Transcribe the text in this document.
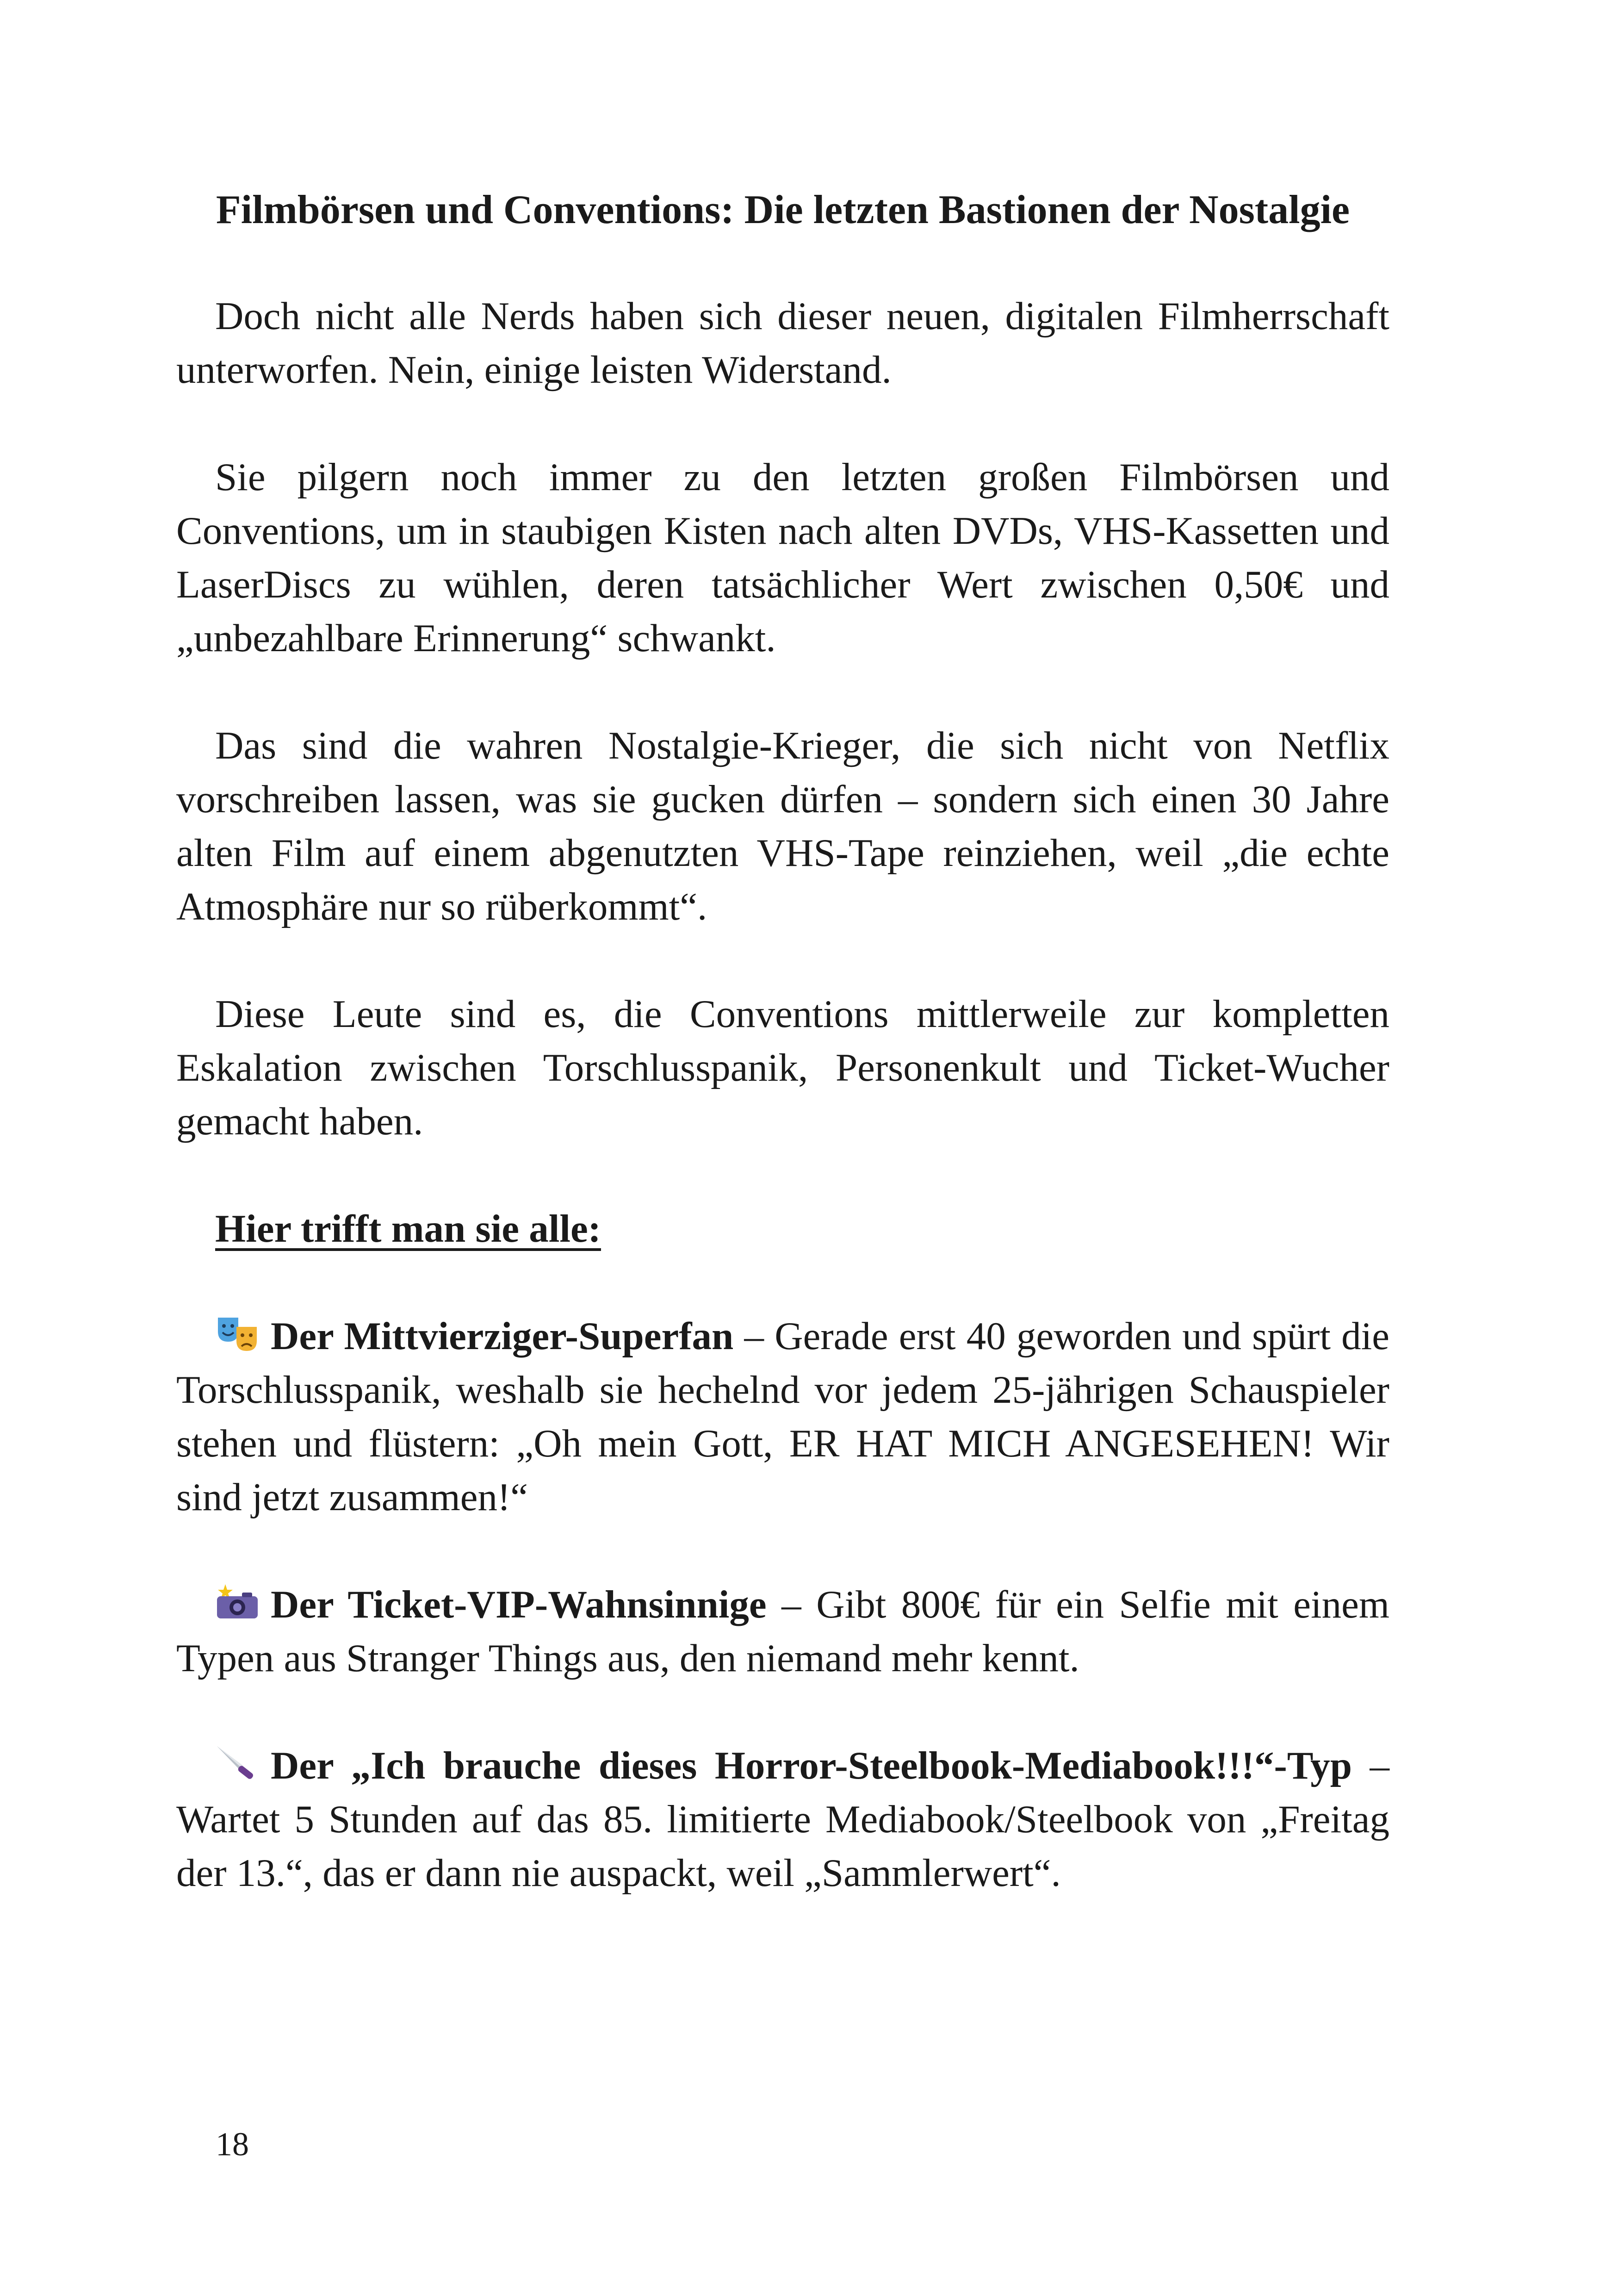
Filmbörsen und Conventions: Die letzten Bastionen der Nostalgie

Doch nicht alle Nerds haben sich dieser neuen, digitalen Filmherrschaft unterworfen. Nein, einige leisten Widerstand.

Sie pilgern noch immer zu den letzten großen Filmbörsen und Conventions, um in staubigen Kisten nach alten DVDs, VHS-Kassetten und LaserDiscs zu wühlen, deren tatsächlicher Wert zwischen 0,50€ und „unbezahlbare Erinnerung“ schwankt.

Das sind die wahren Nostalgie-Krieger, die sich nicht von Netflix vorschreiben lassen, was sie gucken dürfen – sondern sich einen 30 Jahre alten Film auf einem abgenutzten VHS-Tape reinziehen, weil „die echte Atmosphäre nur so rüberkommt“.

Diese Leute sind es, die Conventions mittlerweile zur kompletten Eskalation zwischen Torschlusspanik, Personenkult und Ticket-Wucher gemacht haben.

Hier trifft man sie alle:

Der Mittvierziger-Superfan – Gerade erst 40 geworden und spürt die Torschlusspanik, weshalb sie hechelnd vor jedem 25-jährigen Schauspieler stehen und flüstern: „Oh mein Gott, ER HAT MICH ANGESEHEN! Wir sind jetzt zusammen!“

Der Ticket-VIP-Wahnsinnige – Gibt 800€ für ein Selfie mit einem Typen aus Stranger Things aus, den niemand mehr kennt.

Der „Ich brauche dieses Horror-Steelbook-Mediabook!!!“-Typ – Wartet 5 Stunden auf das 85. limitierte Mediabook/Steelbook von „Freitag der 13.“, das er dann nie auspackt, weil „Sammlerwert“.

18
